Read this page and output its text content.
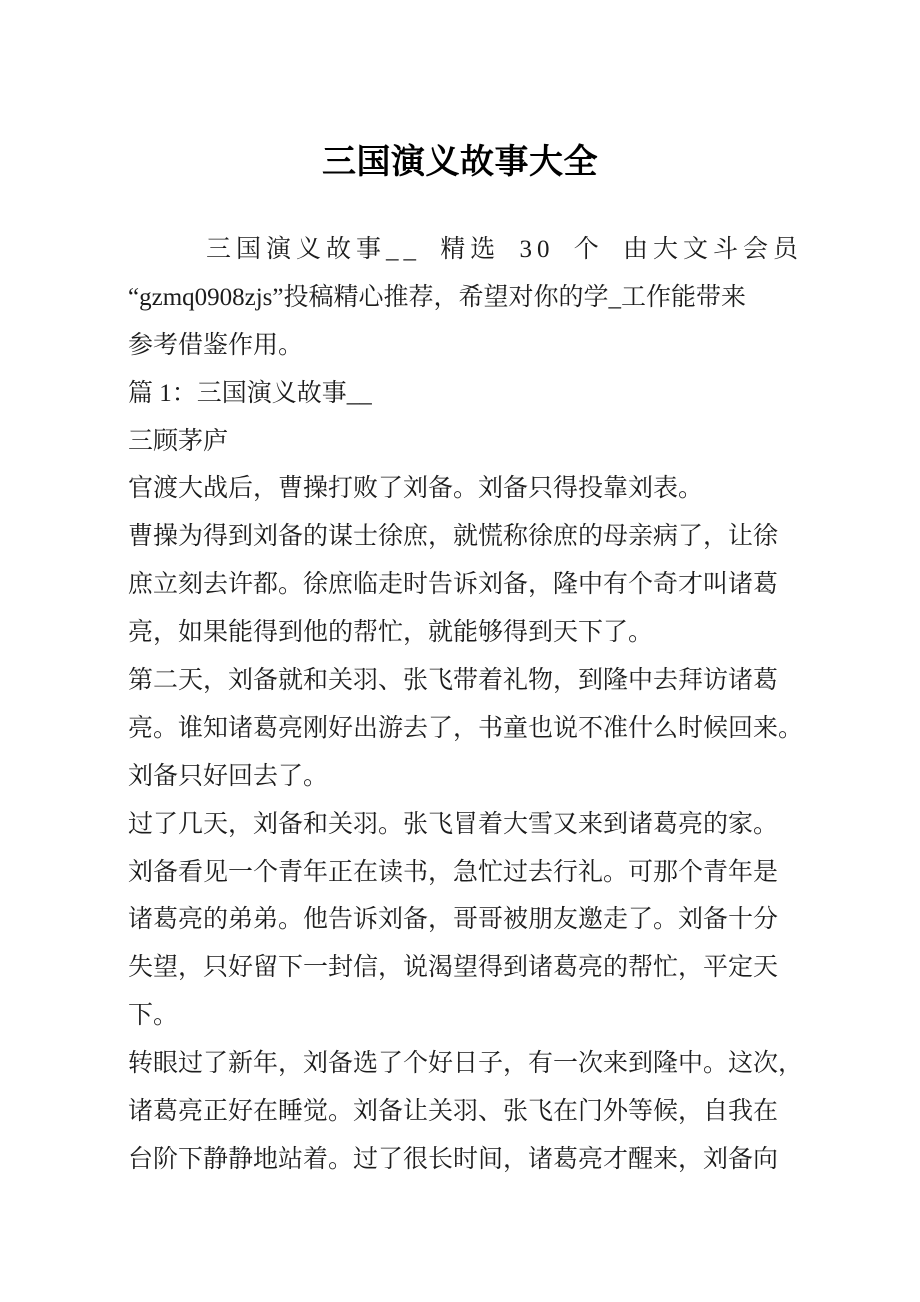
三国演义故事大全
三国演义故事__ 精选 30 个 由大文斗会员
“gzmq0908zjs”投稿精心推荐，希望对你的学_工作能带来
参考借鉴作用。
篇 1：三国演义故事__
三顾茅庐
官渡大战后，曹操打败了刘备。刘备只得投靠刘表。
曹操为得到刘备的谋士徐庶，就慌称徐庶的母亲病了，让徐
庶立刻去许都。徐庶临走时告诉刘备，隆中有个奇才叫诸葛
亮，如果能得到他的帮忙，就能够得到天下了。
第二天，刘备就和关羽、张飞带着礼物，到隆中去拜访诸葛
亮。谁知诸葛亮刚好出游去了，书童也说不准什么时候回来。
刘备只好回去了。
过了几天，刘备和关羽。张飞冒着大雪又来到诸葛亮的家。
刘备看见一个青年正在读书，急忙过去行礼。可那个青年是
诸葛亮的弟弟。他告诉刘备，哥哥被朋友邀走了。刘备十分
失望，只好留下一封信，说渴望得到诸葛亮的帮忙，平定天
下。
转眼过了新年，刘备选了个好日子，有一次来到隆中。这次，
诸葛亮正好在睡觉。刘备让关羽、张飞在门外等候，自我在
台阶下静静地站着。过了很长时间，诸葛亮才醒来，刘备向
